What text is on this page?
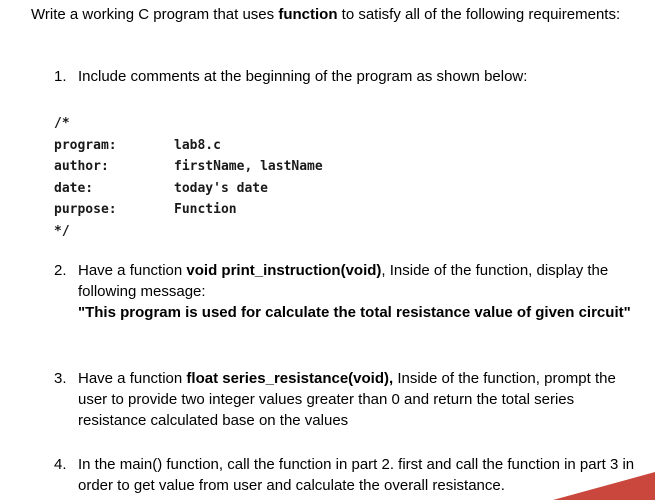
Write a working C program that uses function to satisfy all of the following requirements:
1. Include comments at the beginning of the program as shown below:
/*
program:	lab8.c
author:	firstName, lastName
date:	today's date
purpose:	Function
*/
2. Have a function void print_instruction(void), Inside of the function, display the following message:
"This program is used for calculate the total resistance value of given circuit"
3. Have a function float series_resistance(void), Inside of the function, prompt the user to provide two integer values greater than 0 and return the total series resistance calculated base on the values
4. In the main() function, call the function in part 2. first and call the function in part 3 in order to get value from user and calculate the overall resistance.
